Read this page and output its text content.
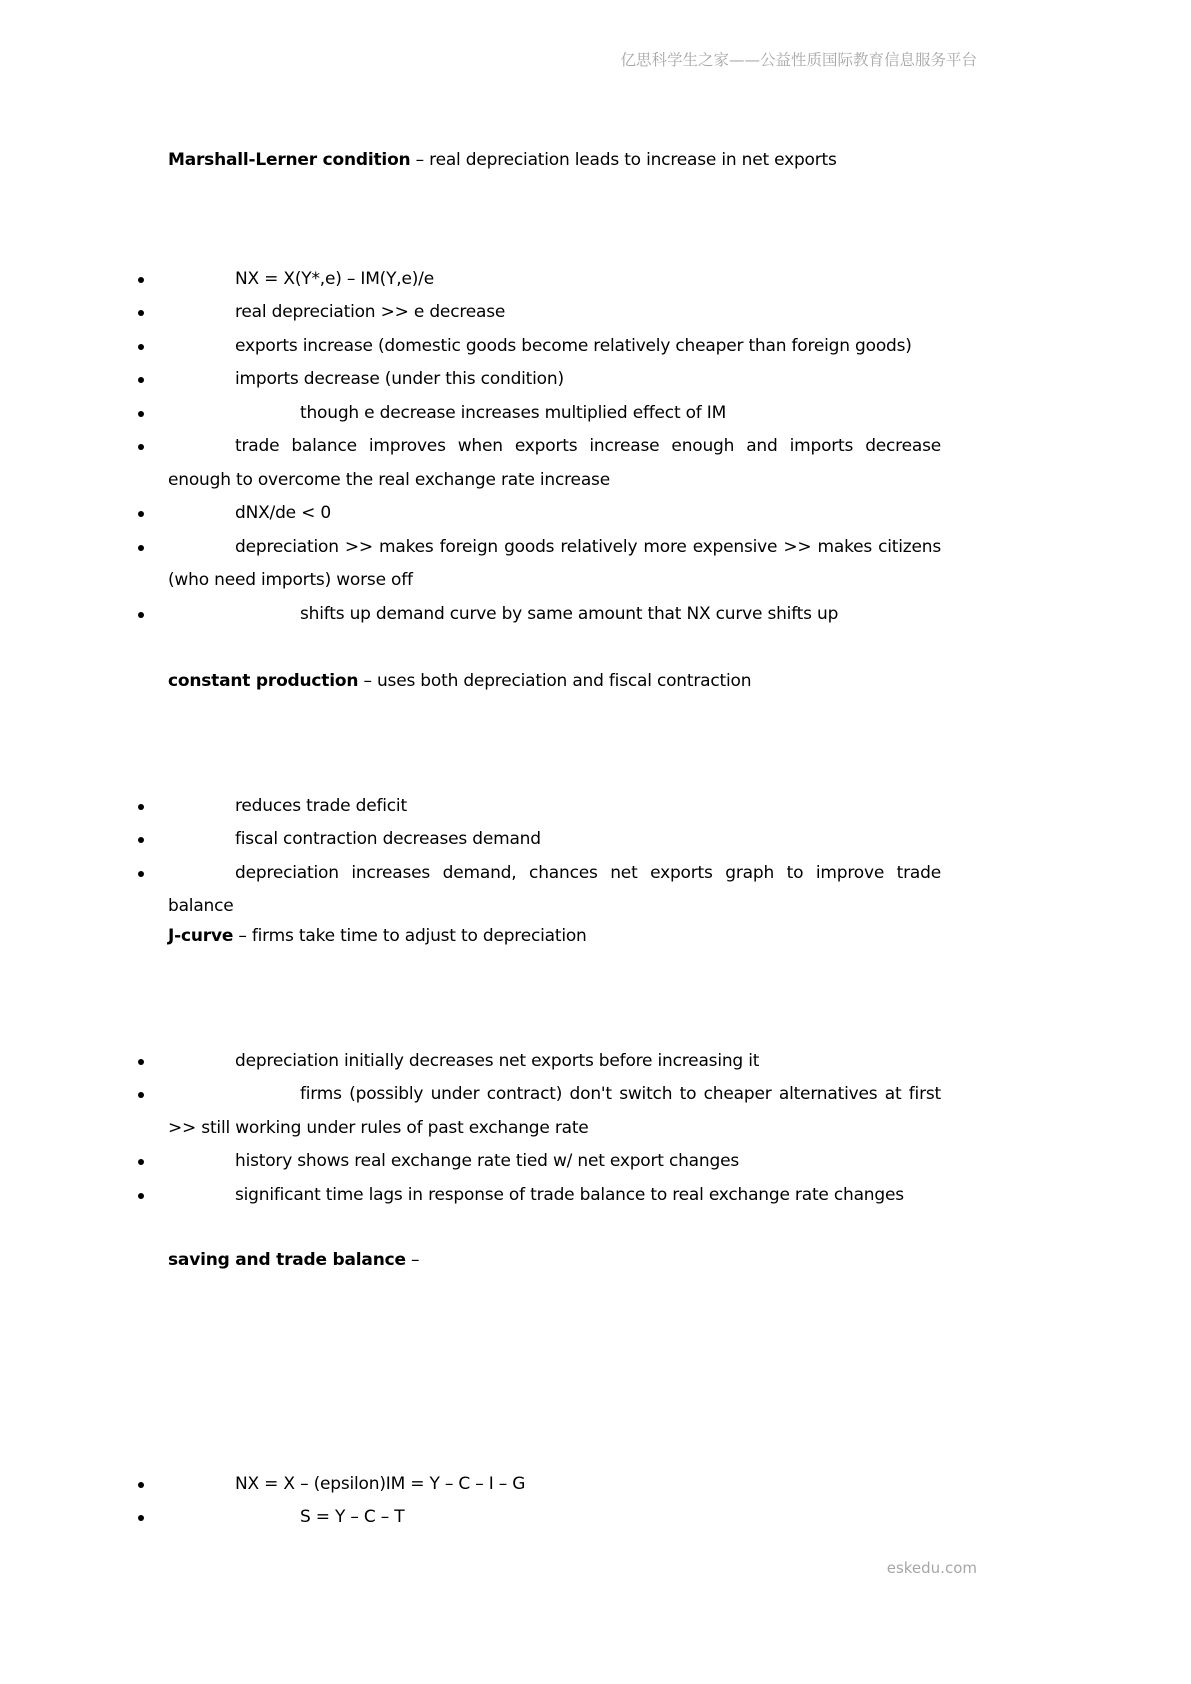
亿思科学生之家——公益性质国际教育信息服务平台

Marshall-Lerner condition – real depreciation leads to increase in net exports

NX = X(Y*,e) – IM(Y,e)/e

real depreciation >> e decrease

exports increase (domestic goods become relatively cheaper than foreign goods)

imports decrease (under this condition)

though e decrease increases multiplied effect of IM

trade balance improves when exports increase enough and imports decrease enough to overcome the real exchange rate increase

dNX/de < 0

depreciation >> makes foreign goods relatively more expensive >> makes citizens (who need imports) worse off

shifts up demand curve by same amount that NX curve shifts up

constant production – uses both depreciation and fiscal contraction

reduces trade deficit

fiscal contraction decreases demand

depreciation increases demand, chances net exports graph to improve trade balance

J-curve – firms take time to adjust to depreciation

depreciation initially decreases net exports before increasing it

firms (possibly under contract) don't switch to cheaper alternatives at first >> still working under rules of past exchange rate

history shows real exchange rate tied w/ net export changes

significant time lags in response of trade balance to real exchange rate changes

saving and trade balance –

NX = X – (epsilon)IM = Y – C – I – G

S = Y – C – T

eskedu.com
